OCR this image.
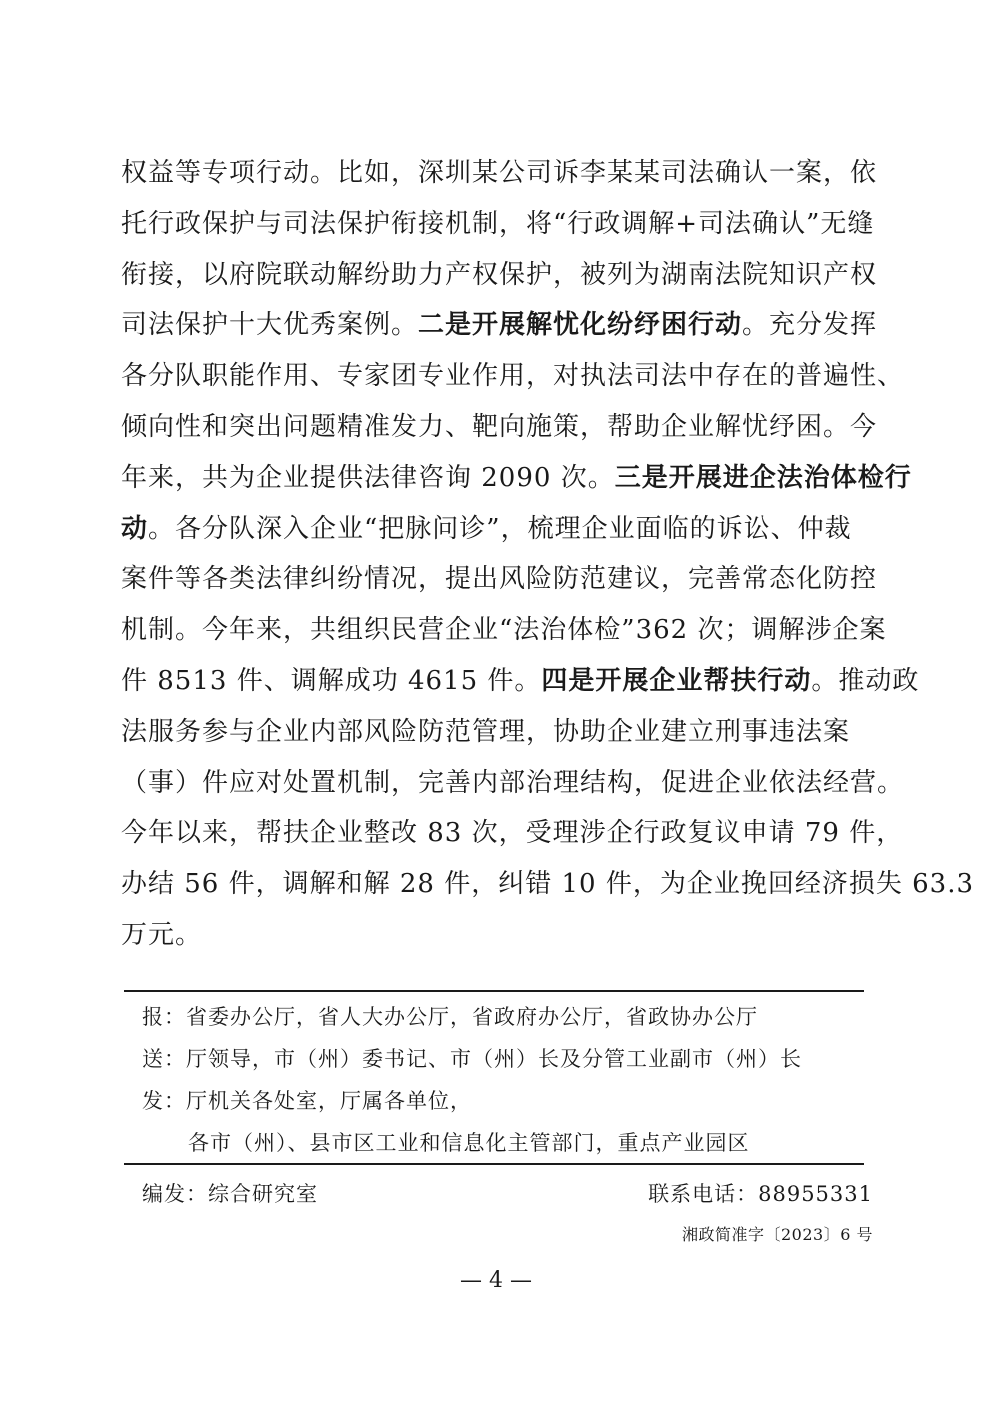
权益等专项行动。比如，深圳某公司诉李某某司法确认一案，依
托行政保护与司法保护衔接机制，将“行政调解+司法确认”无缝
衔接，以府院联动解纷助力产权保护，被列为湖南法院知识产权
司法保护十大优秀案例。二是开展解忧化纷纾困行动。充分发挥
各分队职能作用、专家团专业作用，对执法司法中存在的普遍性、
倾向性和突出问题精准发力、靶向施策，帮助企业解忧纾困。今
年来，共为企业提供法律咨询 2090 次。三是开展进企法治体检行
动。各分队深入企业“把脉问诊”，梳理企业面临的诉讼、仲裁
案件等各类法律纠纷情况，提出风险防范建议，完善常态化防控
机制。今年来，共组织民营企业“法治体检”362 次；调解涉企案
件 8513 件、调解成功 4615 件。四是开展企业帮扶行动。推动政
法服务参与企业内部风险防范管理，协助企业建立刑事违法案
（事）件应对处置机制，完善内部治理结构，促进企业依法经营。
今年以来，帮扶企业整改 83 次，受理涉企行政复议申请 79 件，
办结 56 件，调解和解 28 件，纠错 10 件，为企业挽回经济损失 63.3
万元。
报：省委办公厅，省人大办公厅，省政府办公厅，省政协办公厅
送：厅领导，市（州）委书记、市（州）长及分管工业副市（州）长
发：厅机关各处室，厅属各单位，
各市（州）、县市区工业和信息化主管部门，重点产业园区
编发：综合研究室	联系电话：88955331
湘政简准字〔2023〕6 号
— 4 —
